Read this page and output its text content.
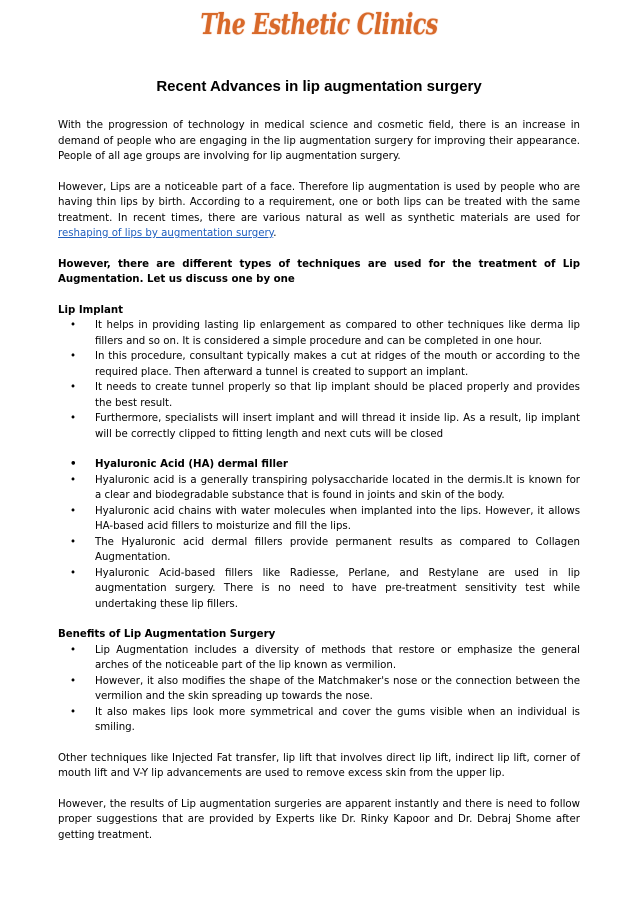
The Esthetic Clinics
Recent Advances in lip augmentation surgery

With the progression of technology in medical science and cosmetic field, there is an increase in demand of people who are engaging in the lip augmentation surgery for improving their appearance. People of all age groups are involving for lip augmentation surgery.

However, Lips are a noticeable part of a face. Therefore lip augmentation is used by people who are having thin lips by birth. According to a requirement, one or both lips can be treated with the same treatment. In recent times, there are various natural as well as synthetic materials are used for reshaping of lips by augmentation surgery.

However, there are different types of techniques are used for the treatment of Lip Augmentation. Let us discuss one by one

Lip Implant
• It helps in providing lasting lip enlargement as compared to other techniques like derma lip fillers and so on. It is considered a simple procedure and can be completed in one hour.
• In this procedure, consultant typically makes a cut at ridges of the mouth or according to the required place. Then afterward a tunnel is created to support an implant.
• It needs to create tunnel properly so that lip implant should be placed properly and provides the best result.
• Furthermore, specialists will insert implant and will thread it inside lip. As a result, lip implant will be correctly clipped to fitting length and next cuts will be closed
• Hyaluronic Acid (HA) dermal filler
• Hyaluronic acid is a generally transpiring polysaccharide located in the dermis.It is known for a clear and biodegradable substance that is found in joints and skin of the body.
• Hyaluronic acid chains with water molecules when implanted into the lips. However, it allows HA-based acid fillers to moisturize and fill the lips.
• The Hyaluronic acid dermal fillers provide permanent results as compared to Collagen Augmentation.
• Hyaluronic Acid-based fillers like Radiesse, Perlane, and Restylane are used in lip augmentation surgery. There is no need to have pre-treatment sensitivity test while undertaking these lip fillers.
Benefits of Lip Augmentation Surgery
• Lip Augmentation includes a diversity of methods that restore or emphasize the general arches of the noticeable part of the lip known as vermilion.
• However, it also modifies the shape of the Matchmaker's nose or the connection between the vermilion and the skin spreading up towards the nose.
• It also makes lips look more symmetrical and cover the gums visible when an individual is smiling.

Other techniques like Injected Fat transfer, lip lift that involves direct lip lift, indirect lip lift, corner of mouth lift and V-Y lip advancements are used to remove excess skin from the upper lip.

However, the results of Lip augmentation surgeries are apparent instantly and there is need to follow proper suggestions that are provided by Experts like Dr. Rinky Kapoor and Dr. Debraj Shome after getting treatment.
